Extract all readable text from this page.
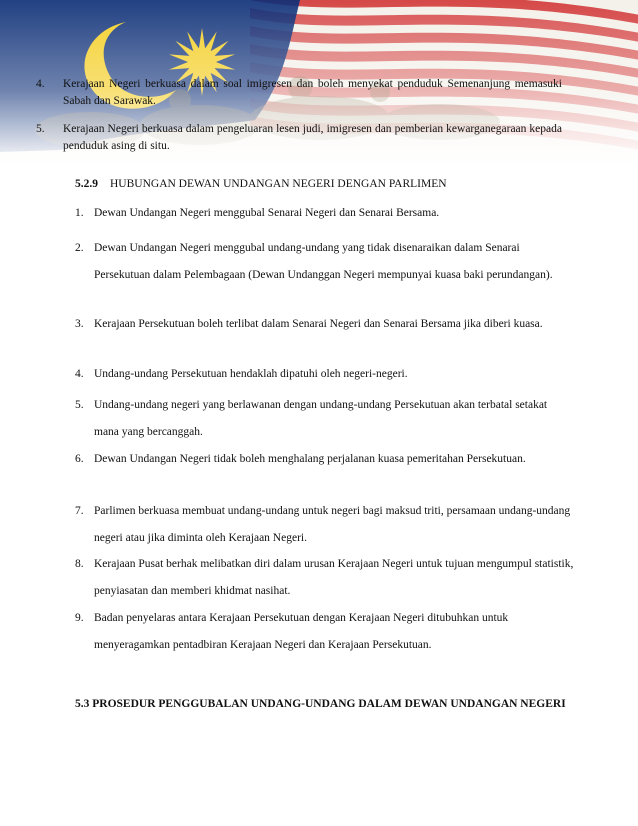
4.	Kerajaan Negeri berkuasa dalam soal imigresen dan boleh menyekat penduduk Semenanjung memasuki Sabah dan Sarawak.
5.	Kerajaan Negeri berkuasa dalam pengeluaran lesen judi, imigresen dan pemberian kewarganegaraan kepada penduduk asing di situ.
5.2.9 HUBUNGAN DEWAN UNDANGAN NEGERI DENGAN PARLIMEN
1. Dewan Undangan Negeri menggubal Senarai Negeri dan Senarai Bersama.
2. Dewan Undangan Negeri menggubal undang-undang yang tidak disenaraikan dalam Senarai Persekutuan dalam Pelembagaan (Dewan Undanggan Negeri mempunyai kuasa baki perundangan).
3. Kerajaan Persekutuan boleh terlibat dalam Senarai Negeri dan Senarai Bersama jika diberi kuasa.
4. Undang-undang Persekutuan hendaklah dipatuhi oleh negeri-negeri.
5. Undang-undang negeri yang berlawanan dengan undang-undang Persekutuan akan terbatal setakat mana yang bercanggah.
6. Dewan Undangan Negeri tidak boleh menghalang perjalanan kuasa pemeritahan Persekutuan.
7. Parlimen berkuasa membuat undang-undang untuk negeri bagi maksud triti, persamaan undang-undang negeri atau jika diminta oleh Kerajaan Negeri.
8. Kerajaan Pusat berhak melibatkan diri dalam urusan Kerajaan Negeri untuk tujuan mengumpul statistik, penyiasatan dan memberi khidmat nasihat.
9. Badan penyelaras antara Kerajaan Persekutuan dengan Kerajaan Negeri ditubuhkan untuk menyeragamkan pentadbiran Kerajaan Negeri dan Kerajaan Persekutuan.
5.3 PROSEDUR PENGGUBALAN UNDANG-UNDANG DALAM DEWAN UNDANGAN NEGERI
